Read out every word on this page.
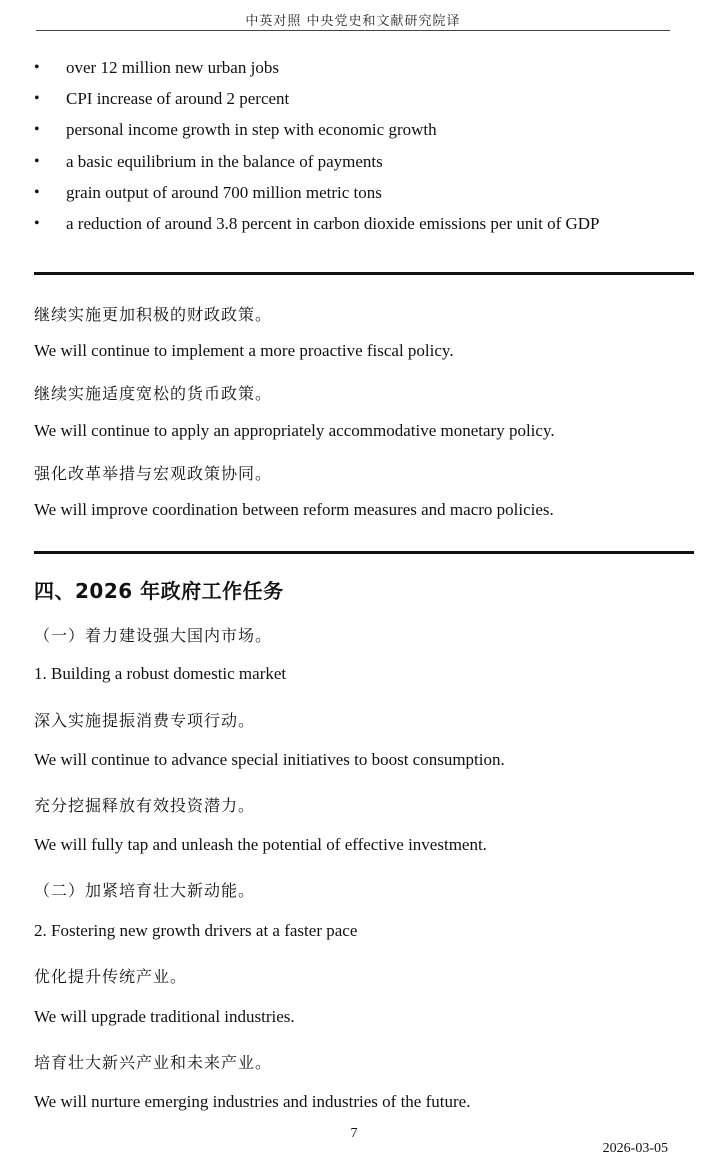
中英对照 中央党史和文献研究院译
• over 12 million new urban jobs
• CPI increase of around 2 percent
• personal income growth in step with economic growth
• a basic equilibrium in the balance of payments
• grain output of around 700 million metric tons
• a reduction of around 3.8 percent in carbon dioxide emissions per unit of GDP
继续实施更加积极的财政政策。
We will continue to implement a more proactive fiscal policy.
继续实施适度宽松的货币政策。
We will continue to apply an appropriately accommodative monetary policy.
强化改革举措与宏观政策协同。
We will improve coordination between reform measures and macro policies.
四、2026 年政府工作任务
（一）着力建设强大国内市场。
1. Building a robust domestic market
深入实施提振消费专项行动。
We will continue to advance special initiatives to boost consumption.
充分挖掘释放有效投资潜力。
We will fully tap and unleash the potential of effective investment.
（二）加紧培育壮大新动能。
2. Fostering new growth drivers at a faster pace
优化提升传统产业。
We will upgrade traditional industries.
培育壮大新兴产业和未来产业。
We will nurture emerging industries and industries of the future.
7
2026-03-05
